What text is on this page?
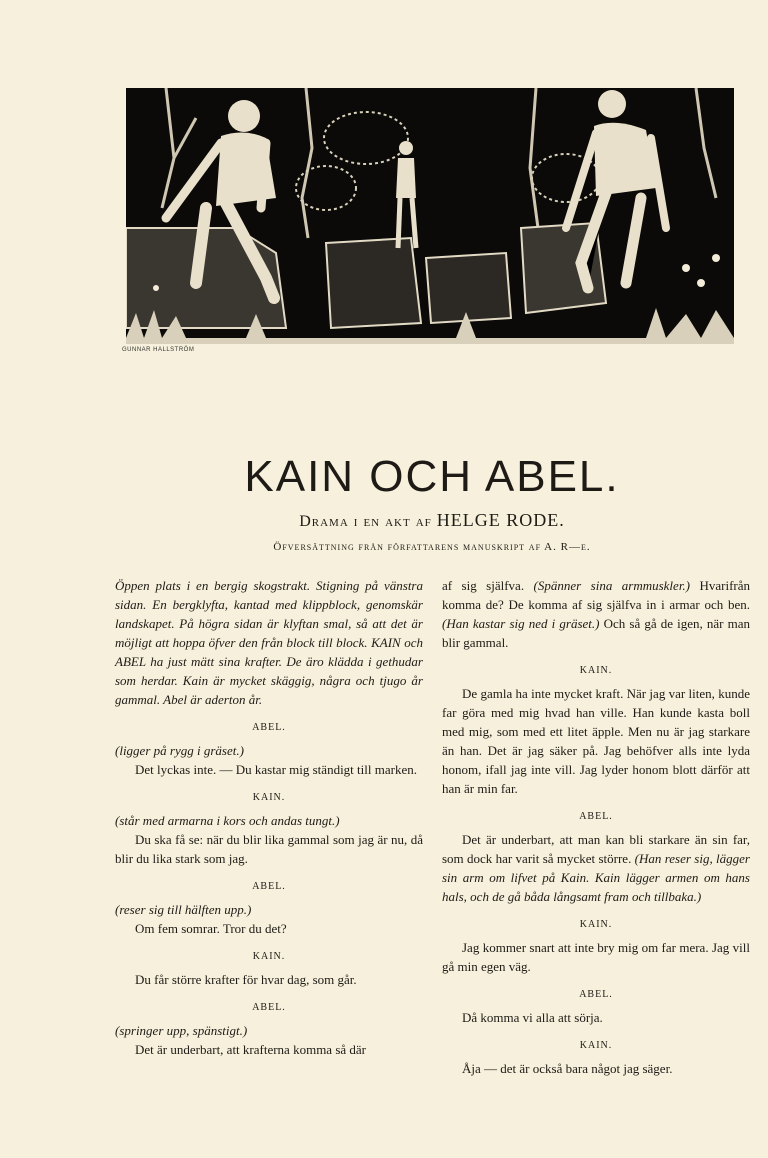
GUNNAR HALLSTRÖM
KAIN OCH ABEL.
Drama i en akt af HELGE RODE.
Öfversättning från författarens manuskript af A. R—e.

Öppen plats i en bergig skogstrakt. Stigning på vänstra sidan. En bergklyfta, kantad med klippblock, genomskär landskapet. På högra sidan är klyftan smal, så att det är möjligt att hoppa öfver den från block till block. KAIN och ABEL ha just mätt sina krafter. De äro klädda i gethudar som herdar. Kain är mycket skäggig, några och tjugo år gammal. Abel är aderton år.

ABEL.

(ligger på rygg i gräset.)

Det lyckas inte. — Du kastar mig ständigt till marken.

KAIN.

(står med armarna i kors och andas tungt.)

Du ska få se: när du blir lika gammal som jag är nu, då blir du lika stark som jag.

ABEL.

(reser sig till hälften upp.)

Om fem somrar. Tror du det?

KAIN.

Du får större krafter för hvar dag, som går.

ABEL.

(springer upp, spänstigt.)

Det är underbart, att krafterna komma så där

af sig själfva. (Spänner sina armmuskler.) Hvarifrån komma de? De komma af sig själfva in i armar och ben. (Han kastar sig ned i gräset.) Och så gå de igen, när man blir gammal.

KAIN.

De gamla ha inte mycket kraft. När jag var liten, kunde far göra med mig hvad han ville. Han kunde kasta boll med mig, som med ett litet äpple. Men nu är jag starkare än han. Det är jag säker på. Jag behöfver alls inte lyda honom, ifall jag inte vill. Jag lyder honom blott därför att han är min far.

ABEL.

Det är underbart, att man kan bli starkare än sin far, som dock har varit så mycket större. (Han reser sig, lägger sin arm om lifvet på Kain. Kain lägger armen om hans hals, och de gå båda långsamt fram och tillbaka.)

KAIN.

Jag kommer snart att inte bry mig om far mera. Jag vill gå min egen väg.

ABEL.

Då komma vi alla att sörja.

KAIN.

Åja — det är också bara något jag säger.
